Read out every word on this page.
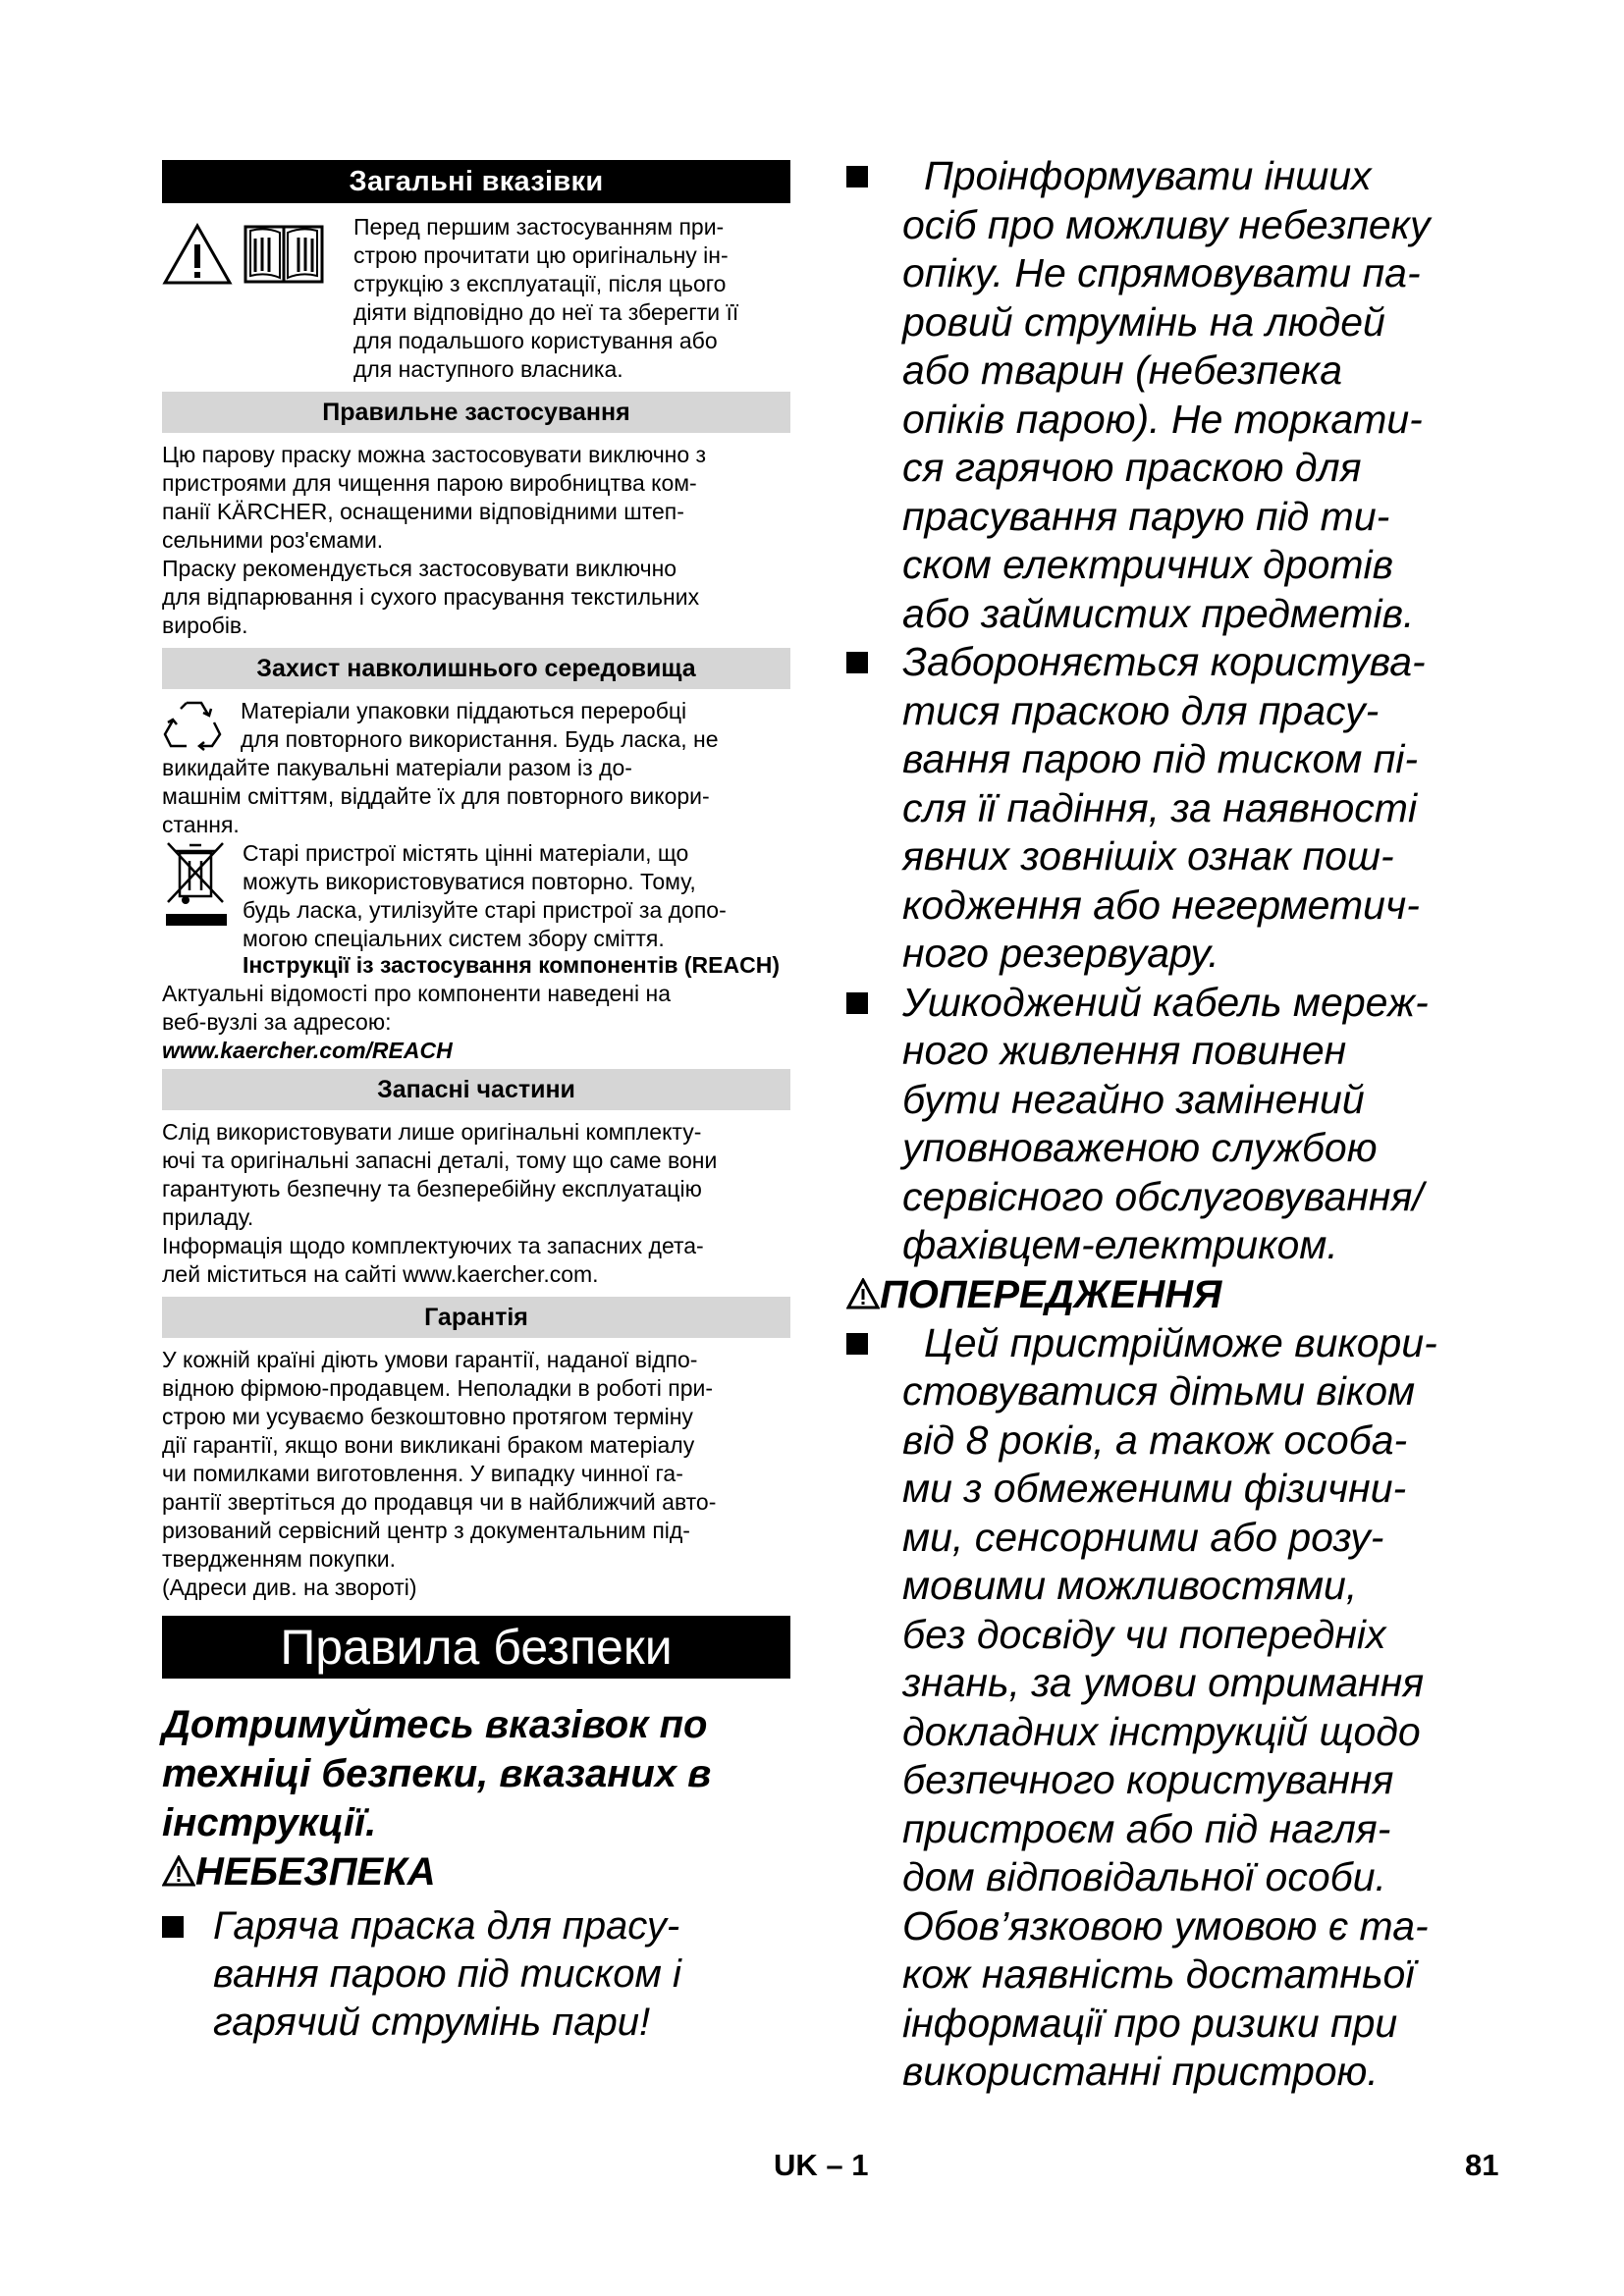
Загальні вказівки

Перед першим застосуванням при-

строю прочитати цю оригінальну ін-

струкцію з експлуатації, після цього

діяти відповідно до неї та зберегти її

для подальшого користування або

для наступного власника.

Правильне застосування

Цю парову праску можна застосовувати виключно з

пристроями для чищення парою виробництва ком-

панії KÄRCHER, оснащеними відповідними штеп-

сельними роз'ємами.

Праску рекомендується застосовувати виключно

для відпарювання і сухого прасування текстильних

виробів.

Захист навколишнього середовища

Матеріали упаковки піддаються переробці

для повторного використання. Будь ласка, не

викидайте пакувальні матеріали разом із до-

машнім сміттям, віддайте їх для повторного викори-

стання.

Старі пристрої містять цінні матеріали, що

можуть використовуватися повторно. Тому,

будь ласка, утилізуйте старі пристрої за допо-

могою спеціальних систем збору сміття.

Інструкції із застосування компонентів (REACH)

Актуальні відомості про компоненти наведені на

веб-вузлі за адресою:

www.kaercher.com/REACH

Запасні частини

Слід використовувати лише оригінальні комплекту-

ючі та оригінальні запасні деталі, тому що саме вони

гарантують безпечну та безперебійну експлуатацію

приладу.

Інформація щодо комплектуючих та запасних дета-

лей міститься на сайті www.kaercher.com.

Гарантія

У кожній країні діють умови гарантії, наданої відпо-

відною фірмою-продавцем. Неполадки в роботі при-

строю ми усуваємо безкоштовно протягом терміну

дії гарантії, якщо вони викликані браком матеріалу

чи помилками виготовлення. У випадку чинної га-

рантії звертіться до продавця чи в найближчий авто-

ризований сервісний центр з документальним під-

твердженням покупки.

(Адреси див. на звороті)

Правила безпеки
Дотримуйтесь вказівок по
техніці безпеки, вказаних в
інструкції.
НЕБЕЗПЕКА

Гаряча праска для прасу-

вання парою під тиском і

гарячий струмінь пари!

Проінформувати інших

осіб про можливу небезпеку

опіку. Не спрямовувати па-

ровий струмінь на людей

або тварин (небезпека

опіків парою). Не торкати-

ся гарячою праскою для

прасування парую під ти-

ском електричних дротів

або займистих предметів.

Забороняється користува-

тися праскою для прасу-

вання парою під тиском пі-

сля її падіння, за наявності

явних зовнішіх ознак пош-

кодження або негерметич-

ного резервуару.

Ушкоджений кабель мереж-

ного живлення повинен

бути негайно замінений

уповноваженою службою

сервісного обслуговування/

фахівцем-електриком.

ПОПЕРЕДЖЕННЯ

Цей пристрійможе викори-

стовуватися дітьми віком

від 8 років, а також особа-

ми з обмеженими фізични-

ми, сенсорними або розу-

мовими можливостями,

без досвіду чи попередніх

знань, за умови отримання

докладних інструкцій щодо

безпечного користування

пристроєм або під нагля-

дом відповідальної особи.

Обов’язковою умовою є та-

кож наявність достатньої

інформації про ризики при

використанні пристрою.

UK – 1	81
